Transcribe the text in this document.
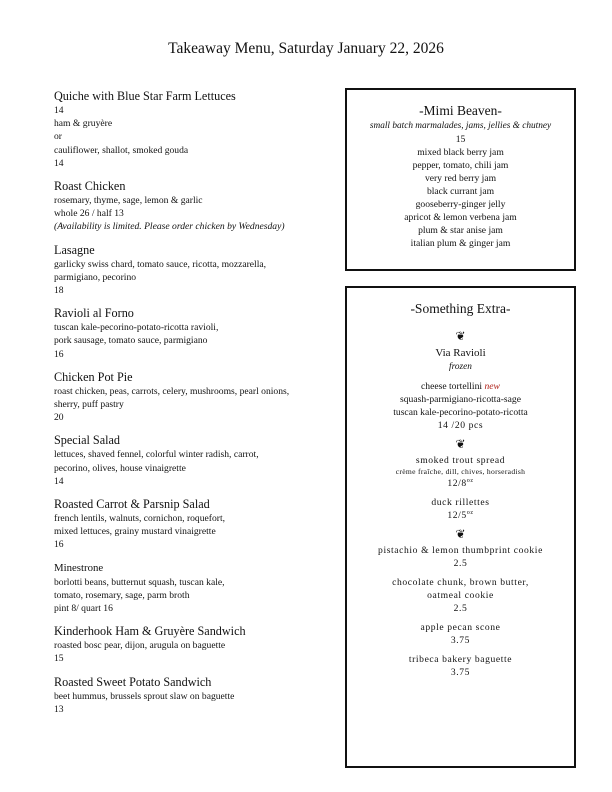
Takeaway Menu, Saturday January 22, 2026
Quiche with Blue Star Farm Lettuces
14
ham & gruyère
or
cauliflower, shallot, smoked gouda
14
Roast Chicken
rosemary, thyme, sage, lemon & garlic
whole 26 / half 13
(Availability is limited. Please order chicken by Wednesday)
Lasagne
garlicky swiss chard, tomato sauce, ricotta, mozzarella,
parmigiano, pecorino
18
Ravioli al Forno
tuscan kale-pecorino-potato-ricotta ravioli,
pork sausage, tomato sauce, parmigiano
16
Chicken Pot Pie
roast chicken, peas, carrots, celery, mushrooms, pearl onions,
sherry, puff pastry
20
Special Salad
lettuces, shaved fennel, colorful winter radish, carrot,
pecorino, olives, house vinaigrette
14
Roasted Carrot & Parsnip Salad
french lentils, walnuts, cornichon, roquefort,
mixed lettuces, grainy mustard vinaigrette
16
Minestrone
borlotti beans, butternut squash, tuscan kale,
tomato, rosemary, sage, parm broth
pint 8/ quart 16
Kinderhook Ham & Gruyère Sandwich
roasted bosc pear, dijon, arugula on baguette
15
Roasted Sweet Potato Sandwich
beet hummus, brussels sprout slaw on baguette
13
-Mimi Beaven-
small batch marmalades, jams, jellies & chutney
15
mixed black berry jam
pepper, tomato, chili jam
very red berry jam
black currant jam
gooseberry-ginger jelly
apricot & lemon verbena jam
plum & star anise jam
italian plum & ginger jam
-Something Extra-
❦
Via Ravioli
frozen
cheese tortellini new
squash-parmigiano-ricotta-sage
tuscan kale-pecorino-potato-ricotta
14 /20 pcs
❦
smoked trout spread
crème fraîche, dill, chives, horseradish
$12/8^{oz}$
duck rillettes
$12/5^{oz}$
❦
pistachio & lemon thumbprint cookie
2.5
chocolate chunk, brown butter,
oatmeal cookie
2.5
apple pecan scone
3.75
tribeca bakery baguette
3.75
